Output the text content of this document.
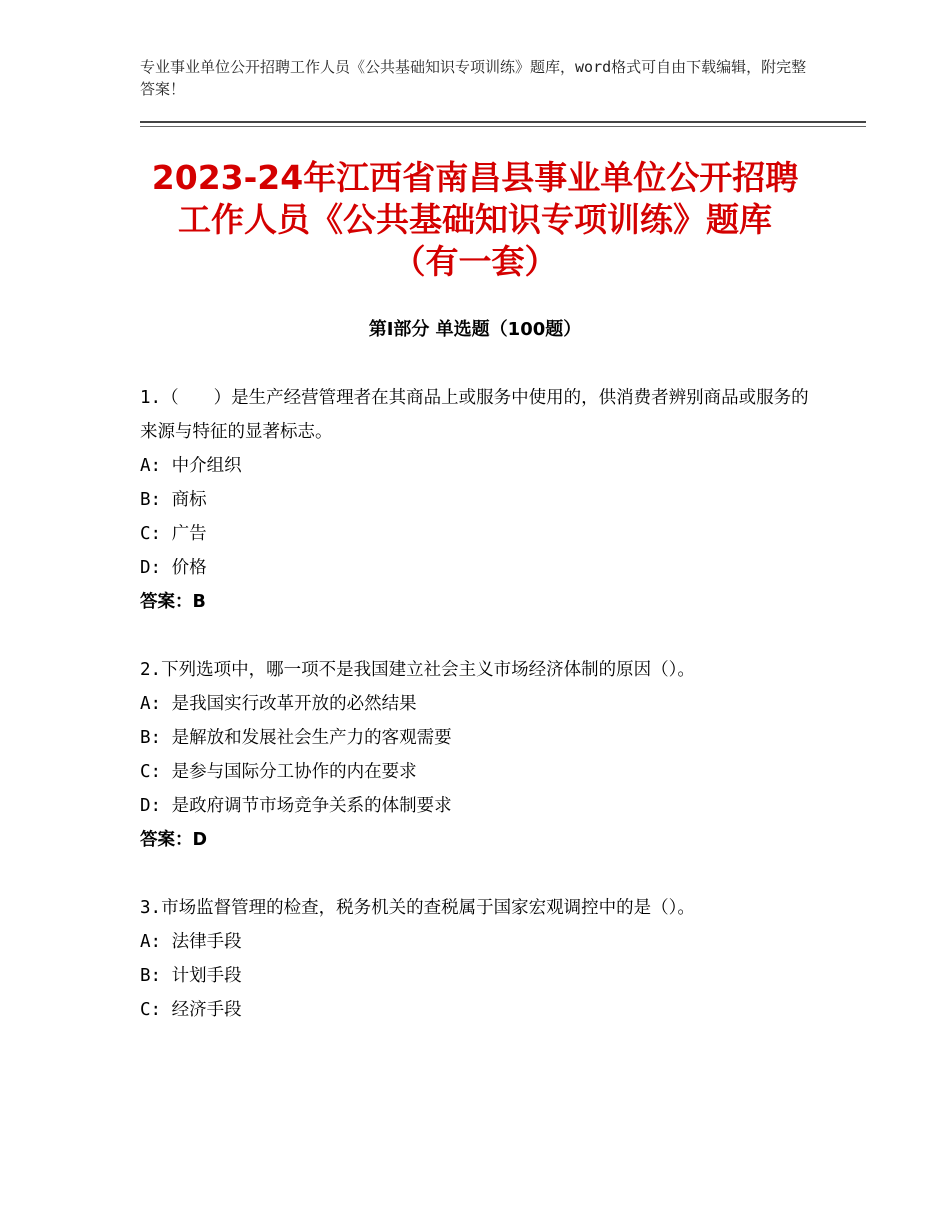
专业事业单位公开招聘工作人员《公共基础知识专项训练》题库，word格式可自由下载编辑，附完整答案！
2023-24年江西省南昌县事业单位公开招聘
工作人员《公共基础知识专项训练》题库
（有一套）
第Ⅰ部分 单选题（100题）

1.（　　）是生产经营管理者在其商品上或服务中使用的，供消费者辨别商品或服务的来源与特征的显著标志。

A: 中介组织

B: 商标

C: 广告

D: 价格

答案：B

2.下列选项中，哪一项不是我国建立社会主义市场经济体制的原因（）。

A: 是我国实行改革开放的必然结果

B: 是解放和发展社会生产力的客观需要

C: 是参与国际分工协作的内在要求

D: 是政府调节市场竞争关系的体制要求

答案：D

3.市场监督管理的检查，税务机关的查税属于国家宏观调控中的是（）。

A: 法律手段

B: 计划手段

C: 经济手段
